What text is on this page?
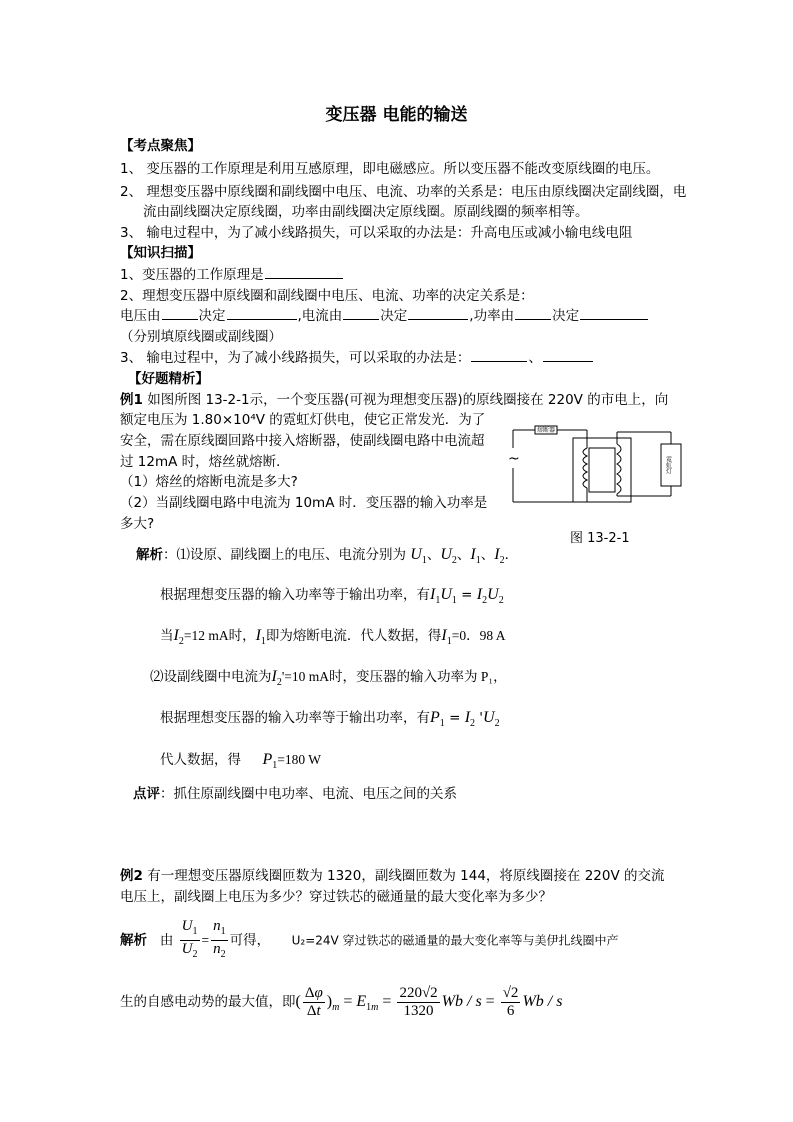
变压器 电能的输送
【考点聚焦】
1、 变压器的工作原理是利用互感原理，即电磁感应。所以变压器不能改变原线圈的电压。
2、 理想变压器中原线圈和副线圈中电压、电流、功率的关系是：电压由原线圈决定副线圈，电
流由副线圈决定原线圈，功率由副线圈决定原线圈。原副线圈的频率相等。
3、 输电过程中，为了减小线路损失，可以采取的办法是：升高电压或减小输电线电阻
【知识扫描】
1、变压器的工作原理是
2、理想变压器中原线圈和副线圈中电压、电流、功率的决定关系是：
电压由	决定	,电流由	决定	,功率由	决定
（分别填原线圈或副线圈）
3、 输电过程中，为了减小线路损失，可以采取的办法是：	、
【好题精析】
例1 如图所图 13-2-1示，一个变压器(可视为理想变压器)的原线圈接在 220V 的市电上，向
额定电压为 1.80×10⁴V 的霓虹灯供电，使它正常发光．为了
安全，需在原线圈回路中接入熔断器，使副线圈电路中电流超
过 12mA 时，熔丝就熔断．
（1）熔丝的熔断电流是多大?
（2）当副线圈电路中电流为 10mA 时．变压器的输入功率是
多大?
熔断器
~	霓虹灯
图 13-2-1
解析：⑴设原、副线圈上的电压、电流分别为 $U_1$、$U_2$、$I_1$、$I_2$．
根据理想变压器的输入功率等于输出功率，有$I_1U_1 = I_2U_2$
当$I_2=12$ mA时，$I_1$即为熔断电流．代人数据，得$I_1=0$．98 A
⑵设副线圈中电流为$I_2'=10$ mA时，变压器的输入功率为 P₁，
根据理想变压器的输入功率等于输出功率，有$P_1 = I_2$ '$U_2$
代人数据，得 $P_1=180$ W
点评：抓住原副线圈中电功率、电流、电压之间的关系
例2 有一理想变压器原线圈匝数为 1320，副线圈匝数为 144，将原线圈接在 220V 的交流
电压上，副线圈上电压为多少？穿过铁芯的磁通量的最大变化率为多少？
解析 由 $\frac{U_1}{U_2} = \frac{n_1}{n_2}$ 可得， U₂=24V 穿过铁芯的磁通量的最大变化率等与美伊扎线圈中产
生的自感电动势的最大值，即( $\frac{\Delta\varphi}{\Delta t} )_m = E_{1m} = \frac{220√2}{1320}$ $Wb / s = \frac{√2}{6}$ Wb / s
